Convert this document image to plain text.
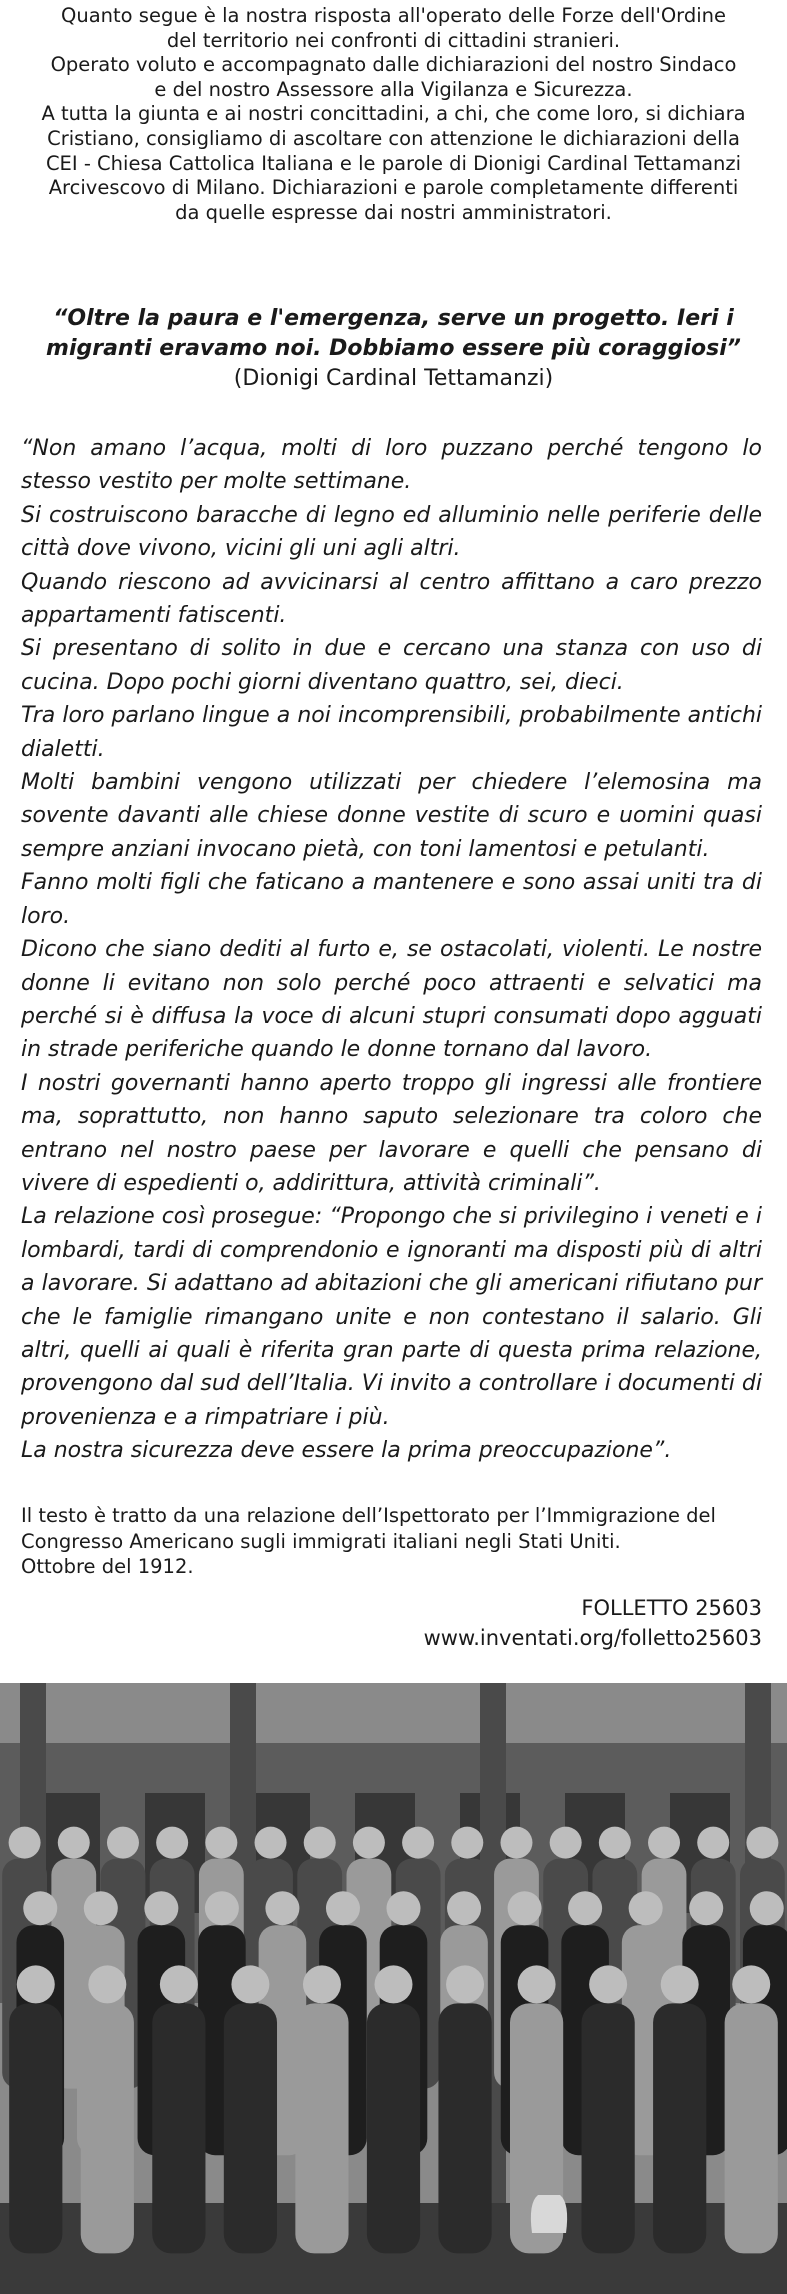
Quanto segue è la nostra risposta all'operato delle Forze dell'Ordine

del territorio nei confronti di cittadini stranieri.

Operato voluto e accompagnato dalle dichiarazioni del nostro Sindaco

e del nostro Assessore alla Vigilanza e Sicurezza.

A tutta la giunta e ai nostri concittadini, a chi, che come loro, si dichiara

Cristiano, consigliamo di ascoltare con attenzione le dichiarazioni della

CEI - Chiesa Cattolica Italiana e le parole di Dionigi Cardinal Tettamanzi

Arcivescovo di Milano. Dichiarazioni e parole completamente differenti

da quelle espresse dai nostri amministratori.

“Oltre la paura e l'emergenza, serve un progetto. Ieri i

migranti eravamo noi. Dobbiamo essere più coraggiosi”

(Dionigi Cardinal Tettamanzi)

“Non amano l’acqua, molti di loro puzzano perché tengono lo stesso vestito per molte settimane.

Si costruiscono baracche di legno ed alluminio nelle periferie delle città dove vivono, vicini gli uni agli altri.

Quando riescono ad avvicinarsi al centro affittano a caro prezzo appartamenti fatiscenti.

Si presentano di solito in due e cercano una stanza con uso di cucina. Dopo pochi giorni diventano quattro, sei, dieci.

Tra loro parlano lingue a noi incomprensibili, probabilmente antichi dialetti.

Molti bambini vengono utilizzati per chiedere l’elemosina ma sovente davanti alle chiese donne vestite di scuro e uomini quasi sempre anziani invocano pietà, con toni lamentosi e petulanti.

Fanno molti figli che faticano a mantenere e sono assai uniti tra di loro.

Dicono che siano dediti al furto e, se ostacolati, violenti. Le nostre donne li evitano non solo perché poco attraenti e selvatici ma perché si è diffusa la voce di alcuni stupri consumati dopo agguati in strade periferiche quando le donne tornano dal lavoro.

I nostri governanti hanno aperto troppo gli ingressi alle frontiere ma, soprattutto, non hanno saputo selezionare tra coloro che entrano nel nostro paese per lavorare e quelli che pensano di vivere di espedienti o, addirittura, attività criminali”.

La relazione così prosegue: “Propongo che si privilegino i veneti e i lombardi, tardi di comprendonio e ignoranti ma disposti più di altri a lavorare. Si adattano ad abitazioni che gli americani rifiutano pur che le famiglie rimangano unite e non contestano il salario. Gli altri, quelli ai quali è riferita gran parte di questa prima relazione, provengono dal sud dell’Italia. Vi invito a controllare i documenti di provenienza e a rimpatriare i più.

La nostra sicurezza deve essere la prima preoccupazione”.

Il testo è tratto da una relazione dell’Ispettorato per l’Immigrazione del

Congresso Americano sugli immigrati italiani negli Stati Uniti.

Ottobre del 1912.

FOLLETTO 25603

www.inventati.org/folletto25603
